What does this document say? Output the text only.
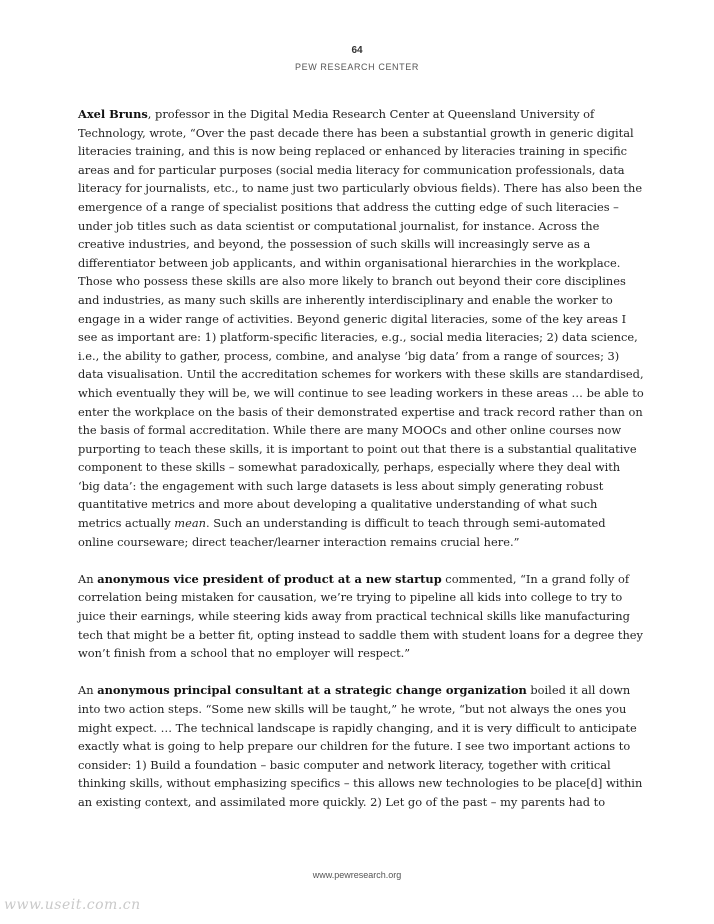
64
PEW RESEARCH CENTER

Axel Bruns, professor in the Digital Media Research Center at Queensland University of Technology, wrote, “Over the past decade there has been a substantial growth in generic digital literacies training, and this is now being replaced or enhanced by literacies training in specific areas and for particular purposes (social media literacy for communication professionals, data literacy for journalists, etc., to name just two particularly obvious fields). There has also been the emergence of a range of specialist positions that address the cutting edge of such literacies – under job titles such as data scientist or computational journalist, for instance. Across the creative industries, and beyond, the possession of such skills will increasingly serve as a differentiator between job applicants, and within organisational hierarchies in the workplace. Those who possess these skills are also more likely to branch out beyond their core disciplines and industries, as many such skills are inherently interdisciplinary and enable the worker to engage in a wider range of activities. Beyond generic digital literacies, some of the key areas I see as important are: 1) platform-specific literacies, e.g., social media literacies; 2) data science, i.e., the ability to gather, process, combine, and analyse ‘big data’ from a range of sources; 3) data visualisation. Until the accreditation schemes for workers with these skills are standardised, which eventually they will be, we will continue to see leading workers in these areas … be able to enter the workplace on the basis of their demonstrated expertise and track record rather than on the basis of formal accreditation. While there are many MOOCs and other online courses now purporting to teach these skills, it is important to point out that there is a substantial qualitative component to these skills – somewhat paradoxically, perhaps, especially where they deal with ‘big data’: the engagement with such large datasets is less about simply generating robust quantitative metrics and more about developing a qualitative understanding of what such metrics actually mean. Such an understanding is difficult to teach through semi-automated online courseware; direct teacher/learner interaction remains crucial here.”

An anonymous vice president of product at a new startup commented, “In a grand folly of correlation being mistaken for causation, we’re trying to pipeline all kids into college to try to juice their earnings, while steering kids away from practical technical skills like manufacturing tech that might be a better fit, opting instead to saddle them with student loans for a degree they won’t finish from a school that no employer will respect.”

An anonymous principal consultant at a strategic change organization boiled it all down into two action steps. “Some new skills will be taught,” he wrote, “but not always the ones you might expect. … The technical landscape is rapidly changing, and it is very difficult to anticipate exactly what is going to help prepare our children for the future. I see two important actions to consider: 1) Build a foundation – basic computer and network literacy, together with critical thinking skills, without emphasizing specifics – this allows new technologies to be place[d] within an existing context, and assimilated more quickly. 2) Let go of the past – my parents had to

www.pewresearch.org
www.useit.com.cn
